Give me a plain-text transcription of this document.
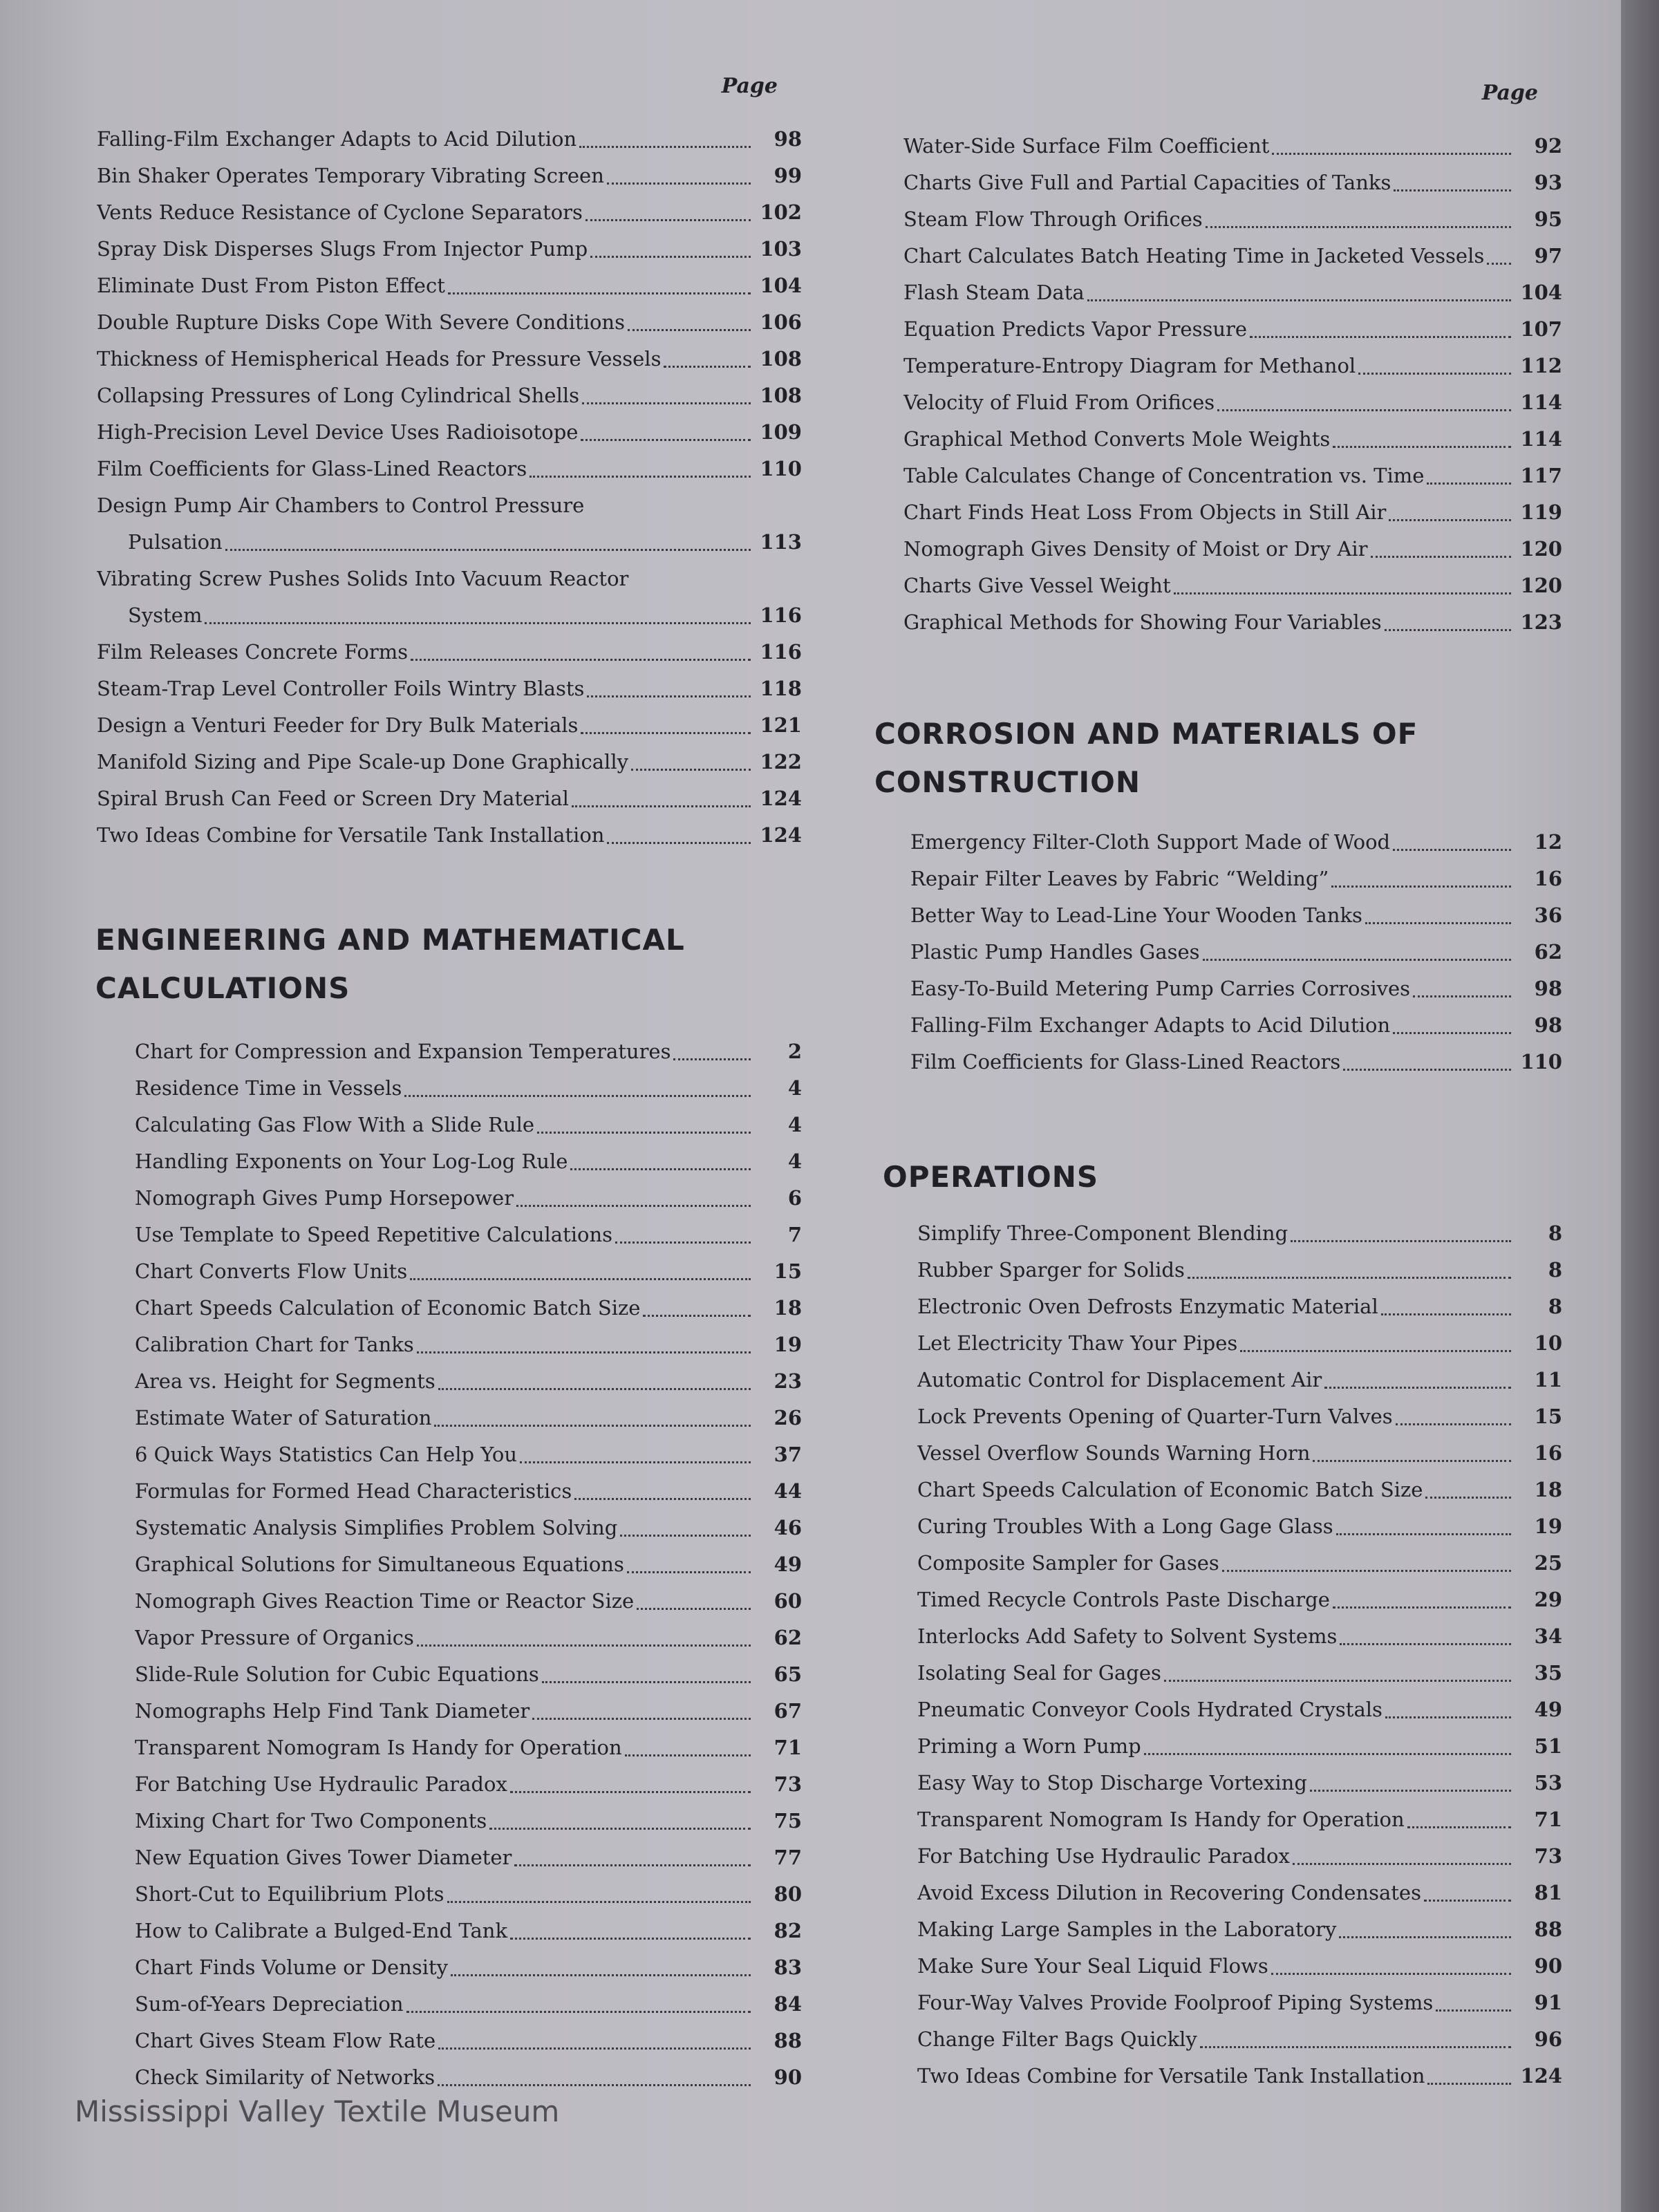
Page
Falling-Film Exchanger Adapts to Acid Dilution	98
Bin Shaker Operates Temporary Vibrating Screen	99
Vents Reduce Resistance of Cyclone Separators	102
Spray Disk Disperses Slugs From Injector Pump	103
Eliminate Dust From Piston Effect	104
Double Rupture Disks Cope With Severe Conditions	106
Thickness of Hemispherical Heads for Pressure Vessels	108
Collapsing Pressures of Long Cylindrical Shells	108
High-Precision Level Device Uses Radioisotope	109
Film Coefficients for Glass-Lined Reactors	110
Design Pump Air Chambers to Control Pressure
Pulsation	113
Vibrating Screw Pushes Solids Into Vacuum Reactor
System	116
Film Releases Concrete Forms	116
Steam-Trap Level Controller Foils Wintry Blasts	118
Design a Venturi Feeder for Dry Bulk Materials	121
Manifold Sizing and Pipe Scale-up Done Graphically	122
Spiral Brush Can Feed or Screen Dry Material	124
Two Ideas Combine for Versatile Tank Installation	124
ENGINEERING AND MATHEMATICAL
CALCULATIONS
Chart for Compression and Expansion Temperatures	2
Residence Time in Vessels	4
Calculating Gas Flow With a Slide Rule	4
Handling Exponents on Your Log-Log Rule	4
Nomograph Gives Pump Horsepower	6
Use Template to Speed Repetitive Calculations	7
Chart Converts Flow Units	15
Chart Speeds Calculation of Economic Batch Size	18
Calibration Chart for Tanks	19
Area vs. Height for Segments	23
Estimate Water of Saturation	26
6 Quick Ways Statistics Can Help You	37
Formulas for Formed Head Characteristics	44
Systematic Analysis Simplifies Problem Solving	46
Graphical Solutions for Simultaneous Equations	49
Nomograph Gives Reaction Time or Reactor Size	60
Vapor Pressure of Organics	62
Slide-Rule Solution for Cubic Equations	65
Nomographs Help Find Tank Diameter	67
Transparent Nomogram Is Handy for Operation	71
For Batching Use Hydraulic Paradox	73
Mixing Chart for Two Components	75
New Equation Gives Tower Diameter	77
Short-Cut to Equilibrium Plots	80
How to Calibrate a Bulged-End Tank	82
Chart Finds Volume or Density	83
Sum-of-Years Depreciation	84
Chart Gives Steam Flow Rate	88
Check Similarity of Networks	90
Page
Water-Side Surface Film Coefficient	92
Charts Give Full and Partial Capacities of Tanks	93
Steam Flow Through Orifices	95
Chart Calculates Batch Heating Time in Jacketed Vessels	97
Flash Steam Data	104
Equation Predicts Vapor Pressure	107
Temperature-Entropy Diagram for Methanol	112
Velocity of Fluid From Orifices	114
Graphical Method Converts Mole Weights	114
Table Calculates Change of Concentration vs. Time	117
Chart Finds Heat Loss From Objects in Still Air	119
Nomograph Gives Density of Moist or Dry Air	120
Charts Give Vessel Weight	120
Graphical Methods for Showing Four Variables	123
CORROSION AND MATERIALS OF
CONSTRUCTION
Emergency Filter-Cloth Support Made of Wood	12
Repair Filter Leaves by Fabric “Welding”	16
Better Way to Lead-Line Your Wooden Tanks	36
Plastic Pump Handles Gases	62
Easy-To-Build Metering Pump Carries Corrosives	98
Falling-Film Exchanger Adapts to Acid Dilution	98
Film Coefficients for Glass-Lined Reactors	110
OPERATIONS
Simplify Three-Component Blending	8
Rubber Sparger for Solids	8
Electronic Oven Defrosts Enzymatic Material	8
Let Electricity Thaw Your Pipes	10
Automatic Control for Displacement Air	11
Lock Prevents Opening of Quarter-Turn Valves	15
Vessel Overflow Sounds Warning Horn	16
Chart Speeds Calculation of Economic Batch Size	18
Curing Troubles With a Long Gage Glass	19
Composite Sampler for Gases	25
Timed Recycle Controls Paste Discharge	29
Interlocks Add Safety to Solvent Systems	34
Isolating Seal for Gages	35
Pneumatic Conveyor Cools Hydrated Crystals	49
Priming a Worn Pump	51
Easy Way to Stop Discharge Vortexing	53
Transparent Nomogram Is Handy for Operation	71
For Batching Use Hydraulic Paradox	73
Avoid Excess Dilution in Recovering Condensates	81
Making Large Samples in the Laboratory	88
Make Sure Your Seal Liquid Flows	90
Four-Way Valves Provide Foolproof Piping Systems	91
Change Filter Bags Quickly	96
Two Ideas Combine for Versatile Tank Installation	124
Mississippi Valley Textile Museum
